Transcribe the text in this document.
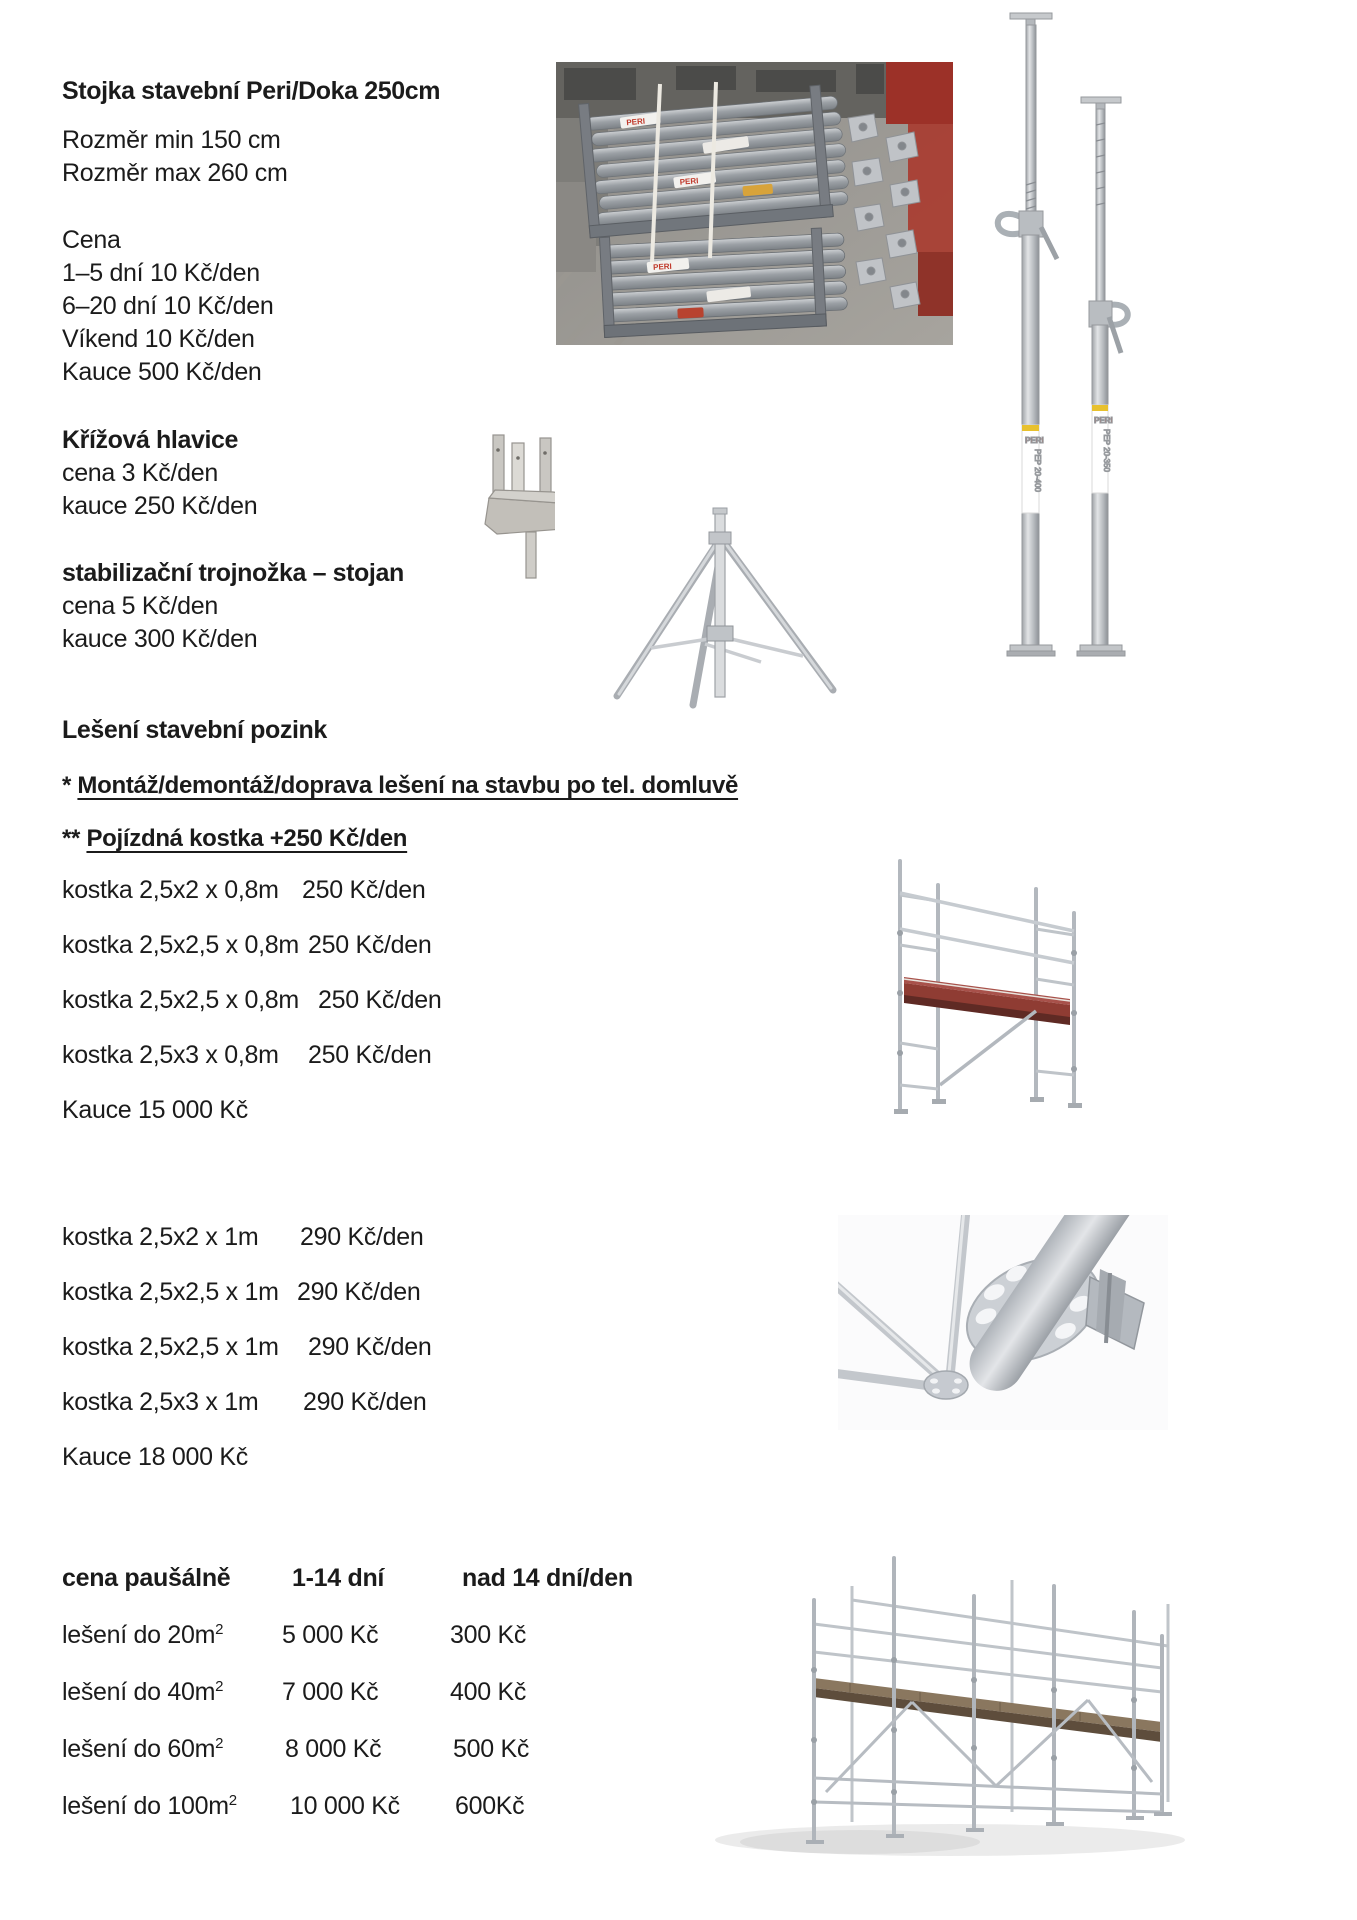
Stojka stavební Peri/Doka 250cm
Rozměr min 150 cm
Rozměr max 260 cm
Cena
1–5 dní 10 Kč/den
6–20 dní 10 Kč/den
Víkend 10 Kč/den
Kauce 500 Kč/den
Křížová hlavice
cena 3 Kč/den
kauce 250 Kč/den
stabilizační trojnožka – stojan
cena 5 Kč/den
kauce 300 Kč/den
Lešení stavební pozink
* Montáž/demontáž/doprava lešení na stavbu po tel. domluvě
** Pojízdná kostka +250 Kč/den
kostka 2,5x2 x 0,8m 250 Kč/den
kostka 2,5x2,5 x 0,8m 250 Kč/den
kostka 2,5x2,5 x 0,8m 250 Kč/den
kostka 2,5x3 x 0,8m 250 Kč/den
Kauce 15 000 Kč
kostka 2,5x2 x 1m 290 Kč/den
kostka 2,5x2,5 x 1m 290 Kč/den
kostka 2,5x2,5 x 1m 290 Kč/den
kostka 2,5x3 x 1m 290 Kč/den
Kauce 18 000 Kč
cena paušálně 1-14 dní	nad 14 dní/den
lešení do $20m^2$ 5 000 Kč	300 Kč
lešení do $40m^2$ 7 000 Kč	400 Kč
lešení do $60m^2$ 8 000 Kč	500 Kč
lešení do $100m^2$ 10 000 Kč 600Kč
PERI
PERI
PERI
PERI
PEP 20-400
PERI
PEP 20-350
